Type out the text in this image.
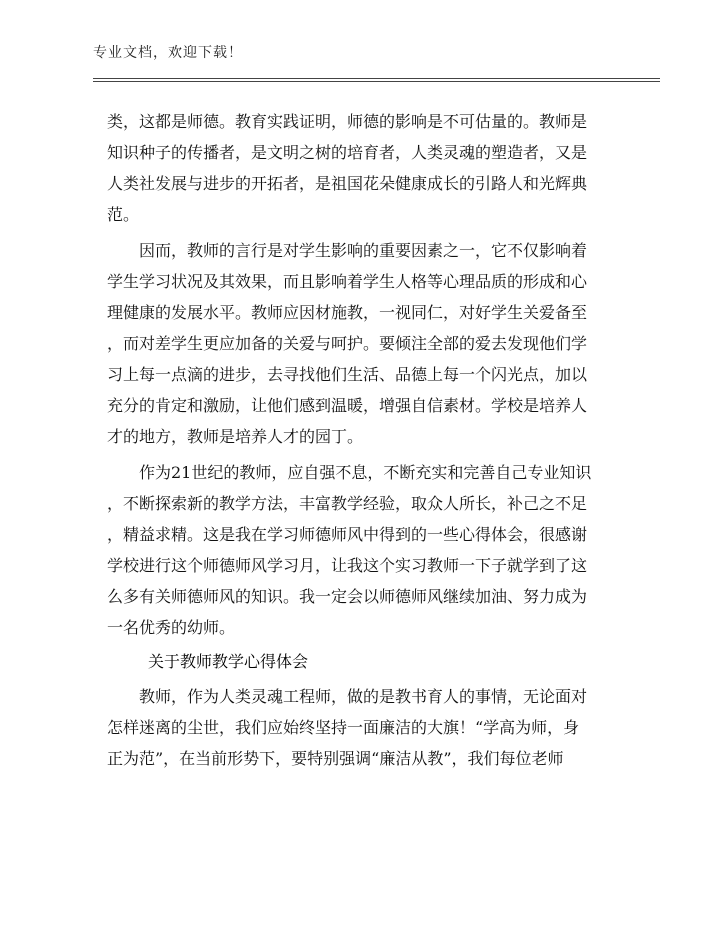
专业文档，欢迎下载！
类，这都是师德。教育实践证明，师德的影响是不可估量的。教师是
知识种子的传播者，是文明之树的培育者，人类灵魂的塑造者，又是
人类社发展与进步的开拓者，是祖国花朵健康成长的引路人和光辉典
范。
因而，教师的言行是对学生影响的重要因素之一，它不仅影响着
学生学习状况及其效果，而且影响着学生人格等心理品质的形成和心
理健康的发展水平。教师应因材施教，一视同仁，对好学生关爱备至
，而对差学生更应加备的关爱与呵护。要倾注全部的爱去发现他们学
习上每一点滴的进步，去寻找他们生活、品德上每一个闪光点，加以
充分的肯定和激励，让他们感到温暖，增强自信素材。学校是培养人
才的地方，教师是培养人才的园丁。
作为21世纪的教师，应自强不息，不断充实和完善自己专业知识
，不断探索新的教学方法，丰富教学经验，取众人所长，补己之不足
，精益求精。这是我在学习师德师风中得到的一些心得体会，很感谢
学校进行这个师德师风学习月，让我这个实习教师一下子就学到了这
么多有关师德师风的知识。我一定会以师德师风继续加油、努力成为
一名优秀的幼师。
关于教师教学心得体会
教师，作为人类灵魂工程师，做的是教书育人的事情，无论面对
怎样迷离的尘世，我们应始终坚持一面廉洁的大旗！“学高为师，身
正为范”，在当前形势下，要特别强调“廉洁从教”，我们每位老师
